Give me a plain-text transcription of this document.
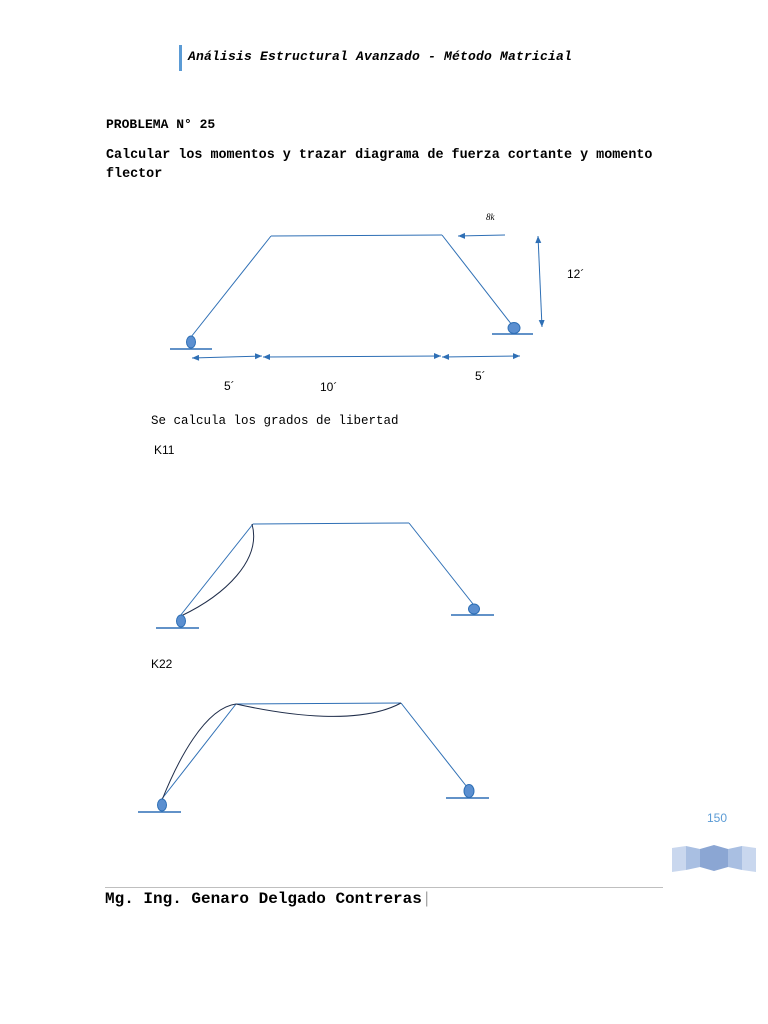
Análisis Estructural Avanzado - Método Matricial
PROBLEMA N° 25
Calcular los momentos y trazar diagrama de fuerza cortante y momento flector
8k
12´
5´	10´
5´
Se calcula los grados de libertad
K11
K22
150
Mg. Ing. Genaro Delgado Contreras|
